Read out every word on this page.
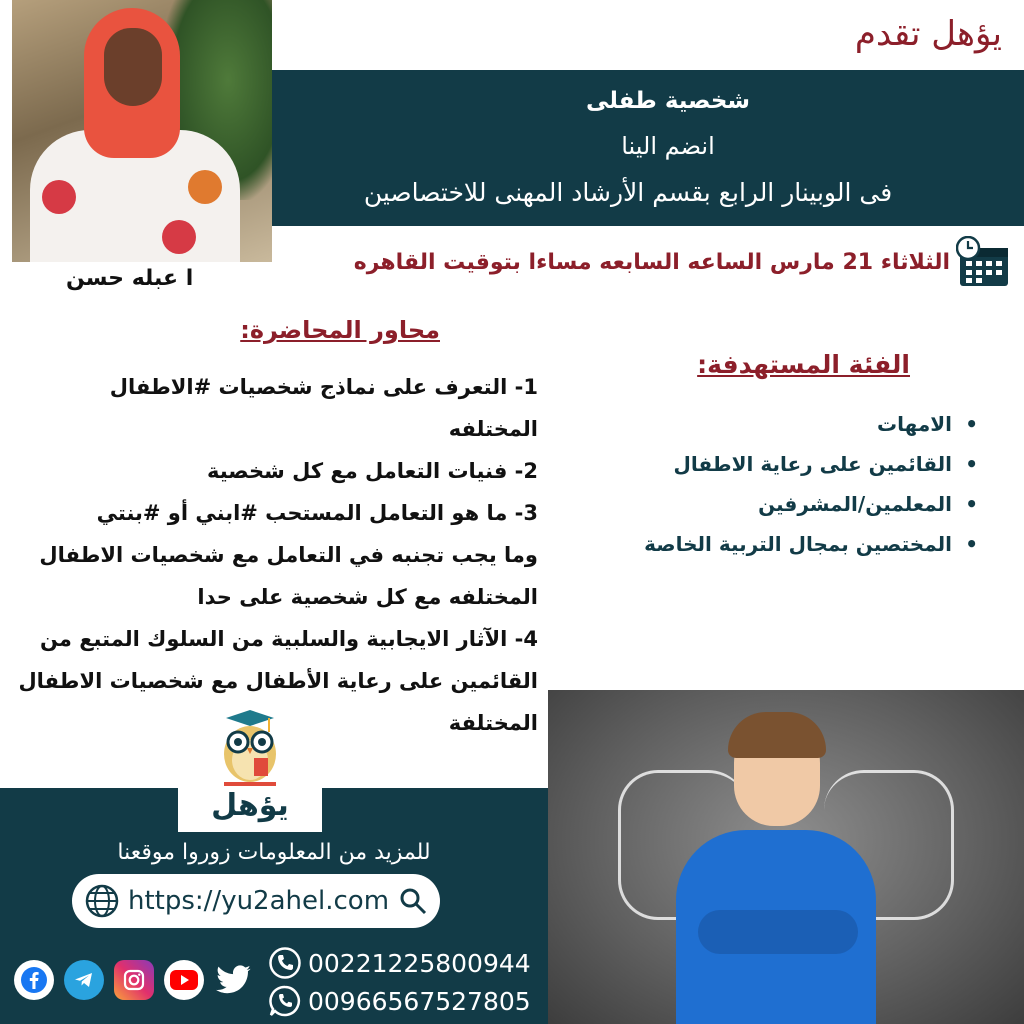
يؤهل تقدم
شخصية طفلى
انضم الينا
فى الوبينار الرابع بقسم الأرشاد المهنى للاختصاصين
ا عبله حسن
الثلاثاء 21 مارس الساعه السابعه مساءا بتوقيت القاهره
محاور المحاضرة:
1- التعرف على نماذج شخصيات #الاطفال المختلفه
2- فنيات التعامل مع كل شخصية
3- ما هو التعامل المستحب #ابني أو #بنتي
وما يجب تجنبه في التعامل مع شخصيات الاطفال
المختلفه مع كل شخصية على حدا
4- الآثار الايجابية والسلبية من السلوك المتبع من
القائمين على رعاية الأطفال مع شخصيات الاطفال
المختلفة
الفئة المستهدفة:
• الامهات
• القائمين على رعاية الاطفال
• المعلمين/المشرفين
• المختصين بمجال التربية الخاصة
يؤهل
للمزيد من المعلومات زوروا موقعنا
https://yu2ahel.com
00221225800944
00966567527805
